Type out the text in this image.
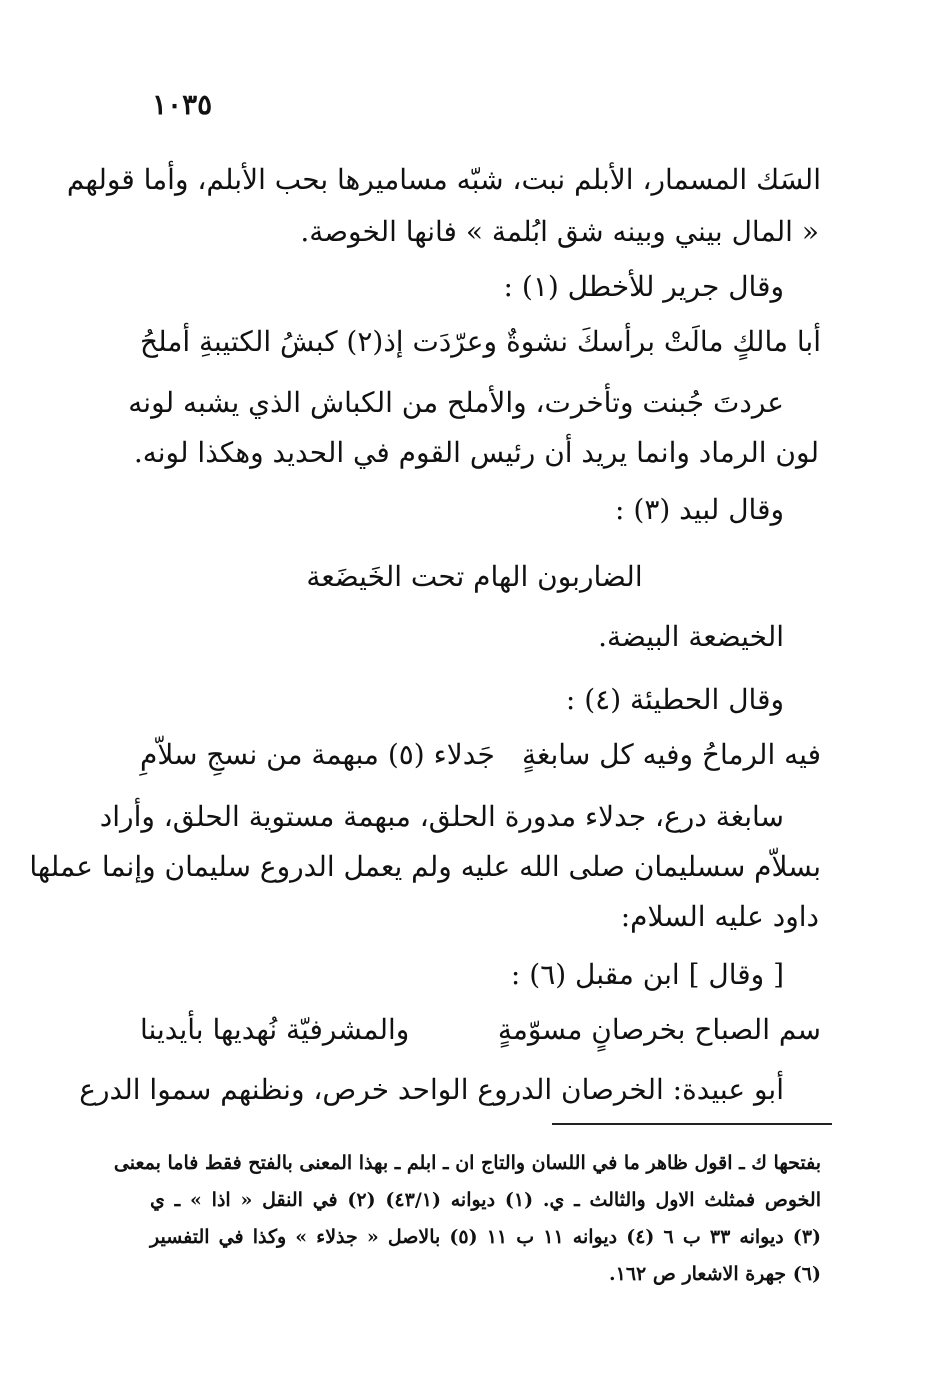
١٠٣٥
السَك المسمار، الأبلم نبت، شبّه مساميرها بحب الأبلم، وأما قولهم
« المال بيني وبينه شق ابُلمة » فانها الخوصة.
وقال جرير للأخطل (١) :
أبا مالكٍ مالَتْ برأسكَ نشوةٌ
وعرّدَت إذ(٢) كبشُ الكتيبةِ أملحُ
عردتَ جُبنت وتأخرت، والأملح من الكباش الذي يشبه لونه
لون الرماد وانما يريد أن رئيس القوم في الحديد وهكذا لونه.
وقال لبيد (٣) :
الضاربون الهام تحت الخَيضَعة
الخيضعة البيضة.
وقال الحطيئة (٤) :
فيه الرماحُ وفيه كل سابغةٍ
جَدلاء (٥) مبهمة من نسجِ سلاّمِ
سابغة درع، جدلاء مدورة الحلق، مبهمة مستوية الحلق، وأراد
بسلاّم سسليمان صلى الله عليه ولم يعمل الدروع سليمان وإنما عملها
داود عليه السلام:
[ وقال ] ابن مقبل (٦) :
سم الصباح بخرصانٍ مسوّمةٍ
والمشرفيّة نُهديها بأيدينا
أبو عبيدة: الخرصان الدروع الواحد خرص، ونظنهم سموا الدرع
بفتحها ك ـ اقول ظاهر ما في اللسان والتاج ان ـ ابلم ـ بهذا المعنى بالفتح فقط فاما بمعنى
الخوص فمثلث الاول والثالث ـ ي. (١) ديوانه (٤٣/١) (٢) في النقل « اذا » ـ ي
(٣) ديوانه ٣٣ ب ٦ (٤) ديوانه ١١ ب ١١ (٥) بالاصل « جذلاء » وكذا في التفسير
(٦) جهرة الاشعار ص ١٦٢.
